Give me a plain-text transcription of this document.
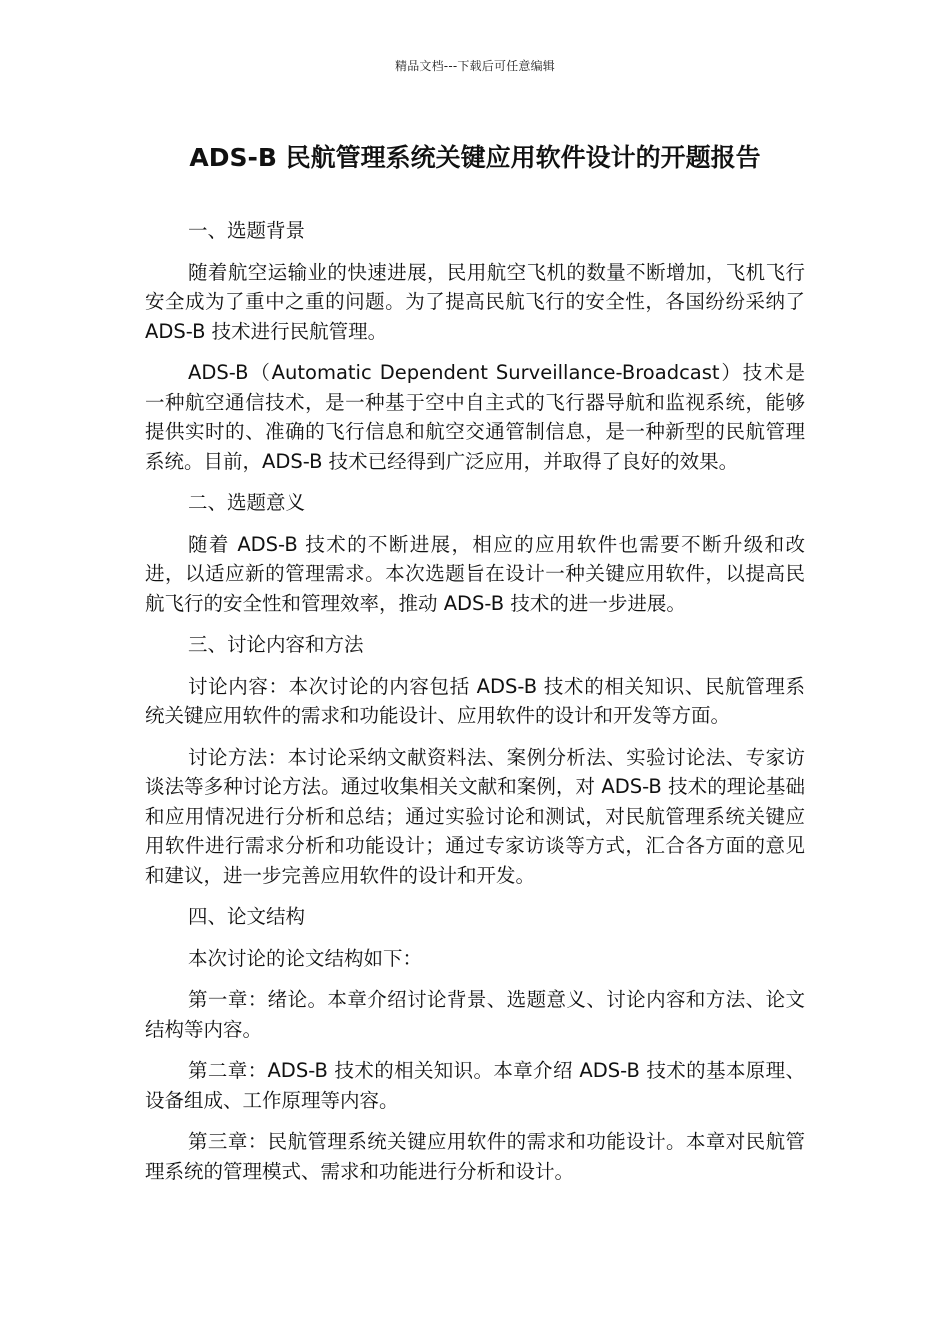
精品文档---下载后可任意编辑
ADS-B 民航管理系统关键应用软件设计的开题报告

一、选题背景

随着航空运输业的快速进展，民用航空飞机的数量不断增加，飞机飞行安全成为了重中之重的问题。为了提高民航飞行的安全性，各国纷纷采纳了 ADS-B 技术进行民航管理。

ADS-B（Automatic Dependent Surveillance-Broadcast）技术是一种航空通信技术，是一种基于空中自主式的飞行器导航和监视系统，能够提供实时的、准确的飞行信息和航空交通管制信息，是一种新型的民航管理系统。目前，ADS-B 技术已经得到广泛应用，并取得了良好的效果。

二、选题意义

随着 ADS-B 技术的不断进展，相应的应用软件也需要不断升级和改进，以适应新的管理需求。本次选题旨在设计一种关键应用软件，以提高民航飞行的安全性和管理效率，推动 ADS-B 技术的进一步进展。

三、讨论内容和方法

讨论内容：本次讨论的内容包括 ADS-B 技术的相关知识、民航管理系统关键应用软件的需求和功能设计、应用软件的设计和开发等方面。

讨论方法：本讨论采纳文献资料法、案例分析法、实验讨论法、专家访谈法等多种讨论方法。通过收集相关文献和案例，对 ADS-B 技术的理论基础和应用情况进行分析和总结；通过实验讨论和测试，对民航管理系统关键应用软件进行需求分析和功能设计；通过专家访谈等方式，汇合各方面的意见和建议，进一步完善应用软件的设计和开发。

四、论文结构

本次讨论的论文结构如下：

第一章：绪论。本章介绍讨论背景、选题意义、讨论内容和方法、论文结构等内容。

第二章：ADS-B 技术的相关知识。本章介绍 ADS-B 技术的基本原理、设备组成、工作原理等内容。

第三章：民航管理系统关键应用软件的需求和功能设计。本章对民航管理系统的管理模式、需求和功能进行分析和设计。
